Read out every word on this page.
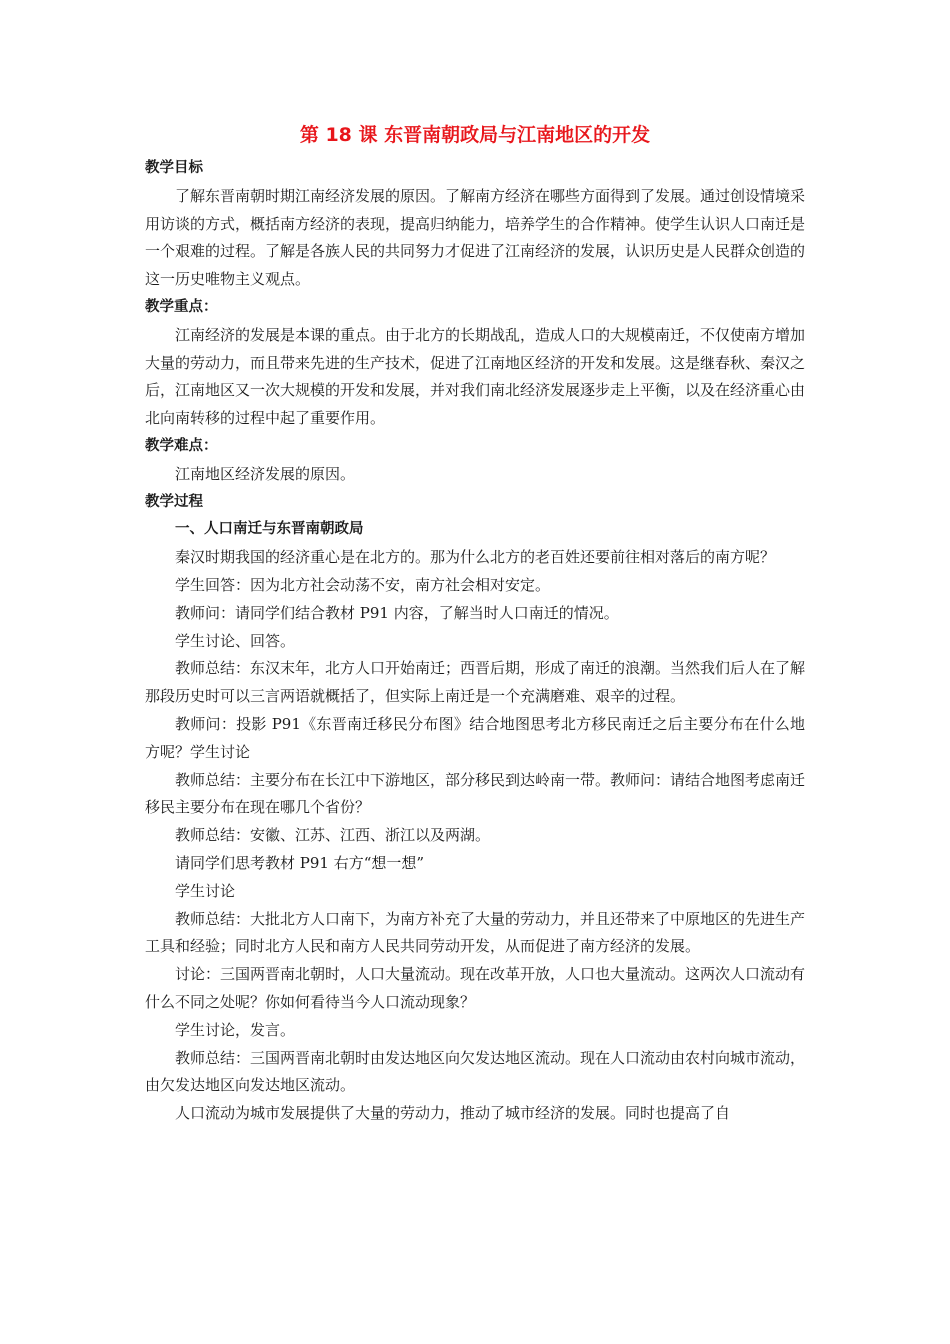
第 18 课 东晋南朝政局与江南地区的开发
教学目标
了解东晋南朝时期江南经济发展的原因。了解南方经济在哪些方面得到了发展。通过创设情境采用访谈的方式，概括南方经济的表现，提高归纳能力，培养学生的合作精神。使学生认识人口南迁是一个艰难的过程。了解是各族人民的共同努力才促进了江南经济的发展，认识历史是人民群众创造的这一历史唯物主义观点。
教学重点：
江南经济的发展是本课的重点。由于北方的长期战乱，造成人口的大规模南迁，不仅使南方增加大量的劳动力，而且带来先进的生产技术，促进了江南地区经济的开发和发展。这是继春秋、秦汉之后，江南地区又一次大规模的开发和发展，并对我们南北经济发展逐步走上平衡，以及在经济重心由北向南转移的过程中起了重要作用。
教学难点：
江南地区经济发展的原因。
教学过程
一、人口南迁与东晋南朝政局
秦汉时期我国的经济重心是在北方的。那为什么北方的老百姓还要前往相对落后的南方呢？
学生回答：因为北方社会动荡不安，南方社会相对安定。
教师问：请同学们结合教材 P91 内容，了解当时人口南迁的情况。
学生讨论、回答。
教师总结：东汉末年，北方人口开始南迁；西晋后期，形成了南迁的浪潮。当然我们后人在了解那段历史时可以三言两语就概括了，但实际上南迁是一个充满磨难、艰辛的过程。
教师问：投影 P91《东晋南迁移民分布图》结合地图思考北方移民南迁之后主要分布在什么地方呢？学生讨论
教师总结：主要分布在长江中下游地区，部分移民到达岭南一带。教师问：请结合地图考虑南迁移民主要分布在现在哪几个省份？
教师总结：安徽、江苏、江西、浙江以及两湖。
请同学们思考教材 P91 右方“想一想”
学生讨论
教师总结：大批北方人口南下，为南方补充了大量的劳动力，并且还带来了中原地区的先进生产工具和经验；同时北方人民和南方人民共同劳动开发，从而促进了南方经济的发展。
讨论：三国两晋南北朝时，人口大量流动。现在改革开放，人口也大量流动。这两次人口流动有什么不同之处呢？你如何看待当今人口流动现象？
学生讨论，发言。
教师总结：三国两晋南北朝时由发达地区向欠发达地区流动。现在人口流动由农村向城市流动，由欠发达地区向发达地区流动。
人口流动为城市发展提供了大量的劳动力，推动了城市经济的发展。同时也提高了自
